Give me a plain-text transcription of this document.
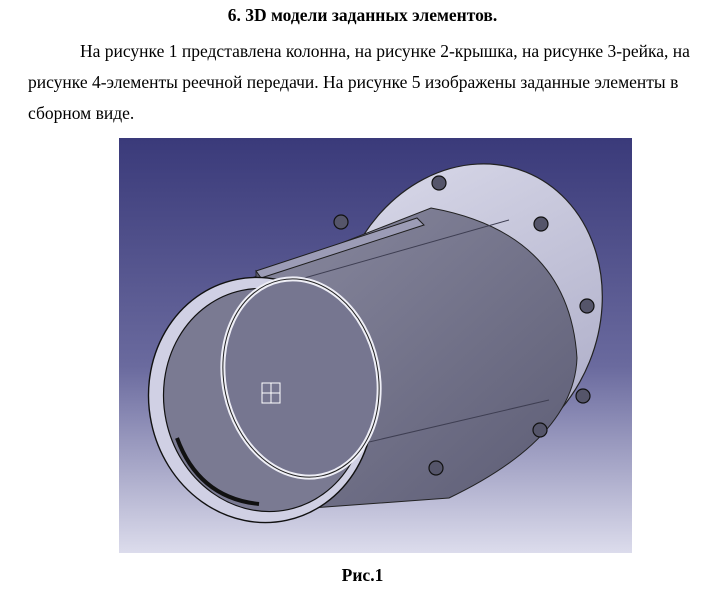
6. 3D модели заданных элементов.

На рисунке 1 представлена колонна, на рисунке 2-крышка, на рисунке 3-рейка, на рисунке 4-элементы реечной передачи. На рисунке 5 изображены заданные элементы в сборном виде.

Рис.1
